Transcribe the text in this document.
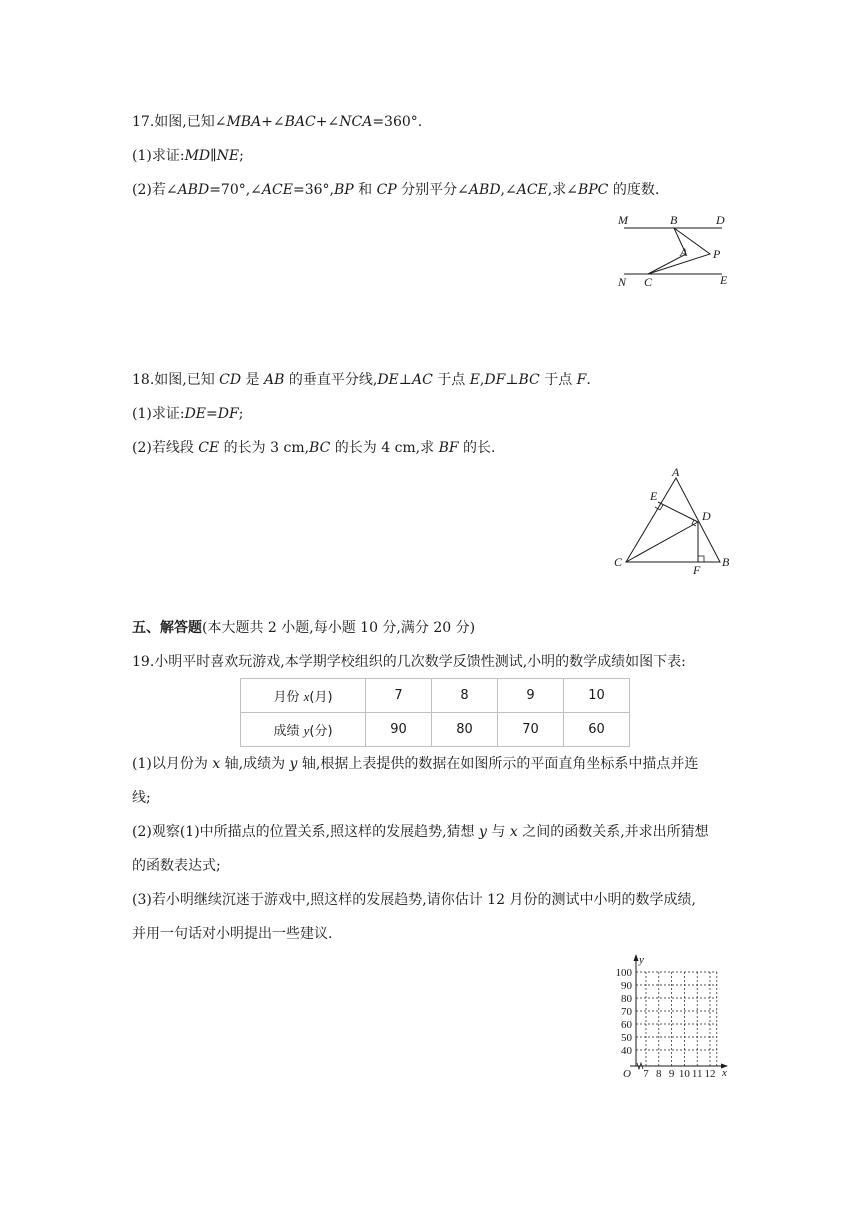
17.如图,已知∠MBA+∠BAC+∠NCA=360°.
(1)求证:MD∥NE;
(2)若∠ABD=70°,∠ACE=36°,BP 和 CP 分别平分∠ABD,∠ACE,求∠BPC 的度数.
M	B	D
A P
N C	E
18.如图,已知 CD 是 AB 的垂直平分线,DE⊥AC 于点 E,DF⊥BC 于点 F.
(1)求证:DE=DF;
(2)若线段 CE 的长为 3 cm,BC 的长为 4 cm,求 BF 的长.
A
E
D
C
F
B
五、解答题(本大题共 2 小题,每小题 10 分,满分 20 分)
19.小明平时喜欢玩游戏,本学期学校组织的几次数学反馈性测试,小明的数学成绩如图下表:
月份 x(月)	7	8	9	10
成绩 y(分)	90	80	70	60
(1)以月份为 x 轴,成绩为 y 轴,根据上表提供的数据在如图所示的平面直角坐标系中描点并连
线;
(2)观察(1)中所描点的位置关系,照这样的发展趋势,猜想 y 与 x 之间的函数关系,并求出所猜想
的函数表达式;
(3)若小明继续沉迷于游戏中,照这样的发展趋势,请你估计 12 月份的测试中小明的数学成绩,
并用一句话对小明提出一些建议.
y
x
O
100
90
80
70
60
50
40
7 8 9 10 11 12
